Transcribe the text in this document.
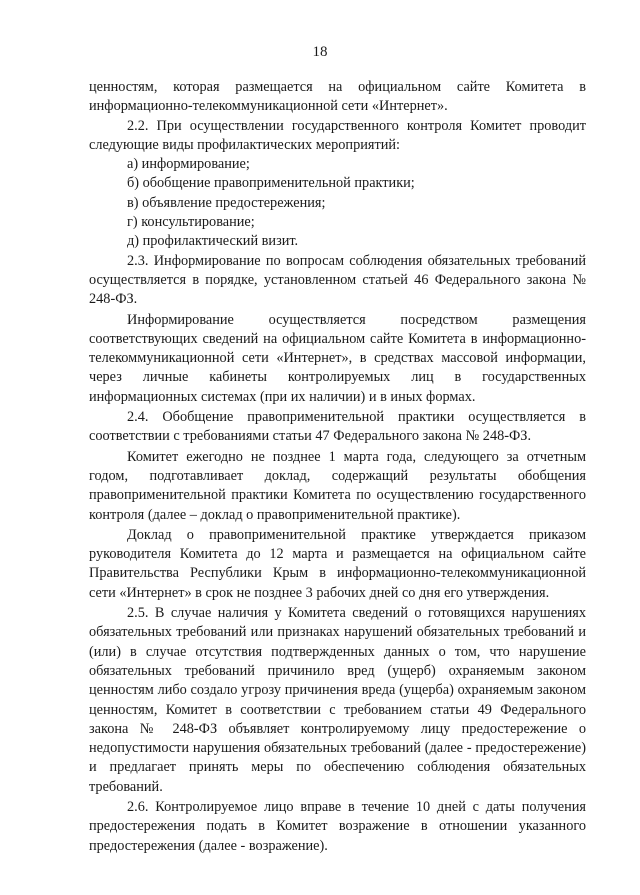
18

ценностям, которая размещается на официальном сайте Комитета в информационно-телекоммуникационной сети «Интернет».

2.2. При осуществлении государственного контроля Комитет проводит следующие виды профилактических мероприятий:

а) информирование;

б) обобщение правоприменительной практики;

в) объявление предостережения;

г) консультирование;

д) профилактический визит.

2.3. Информирование по вопросам соблюдения обязательных требований осуществляется в порядке, установленном статьей 46 Федерального закона № 248-ФЗ.

Информирование осуществляется посредством размещения соответствующих сведений на официальном сайте Комитета в информационно-телекоммуникационной сети «Интернет», в средствах массовой информации, через личные кабинеты контролируемых лиц в государственных информационных системах (при их наличии) и в иных формах.

2.4. Обобщение правоприменительной практики осуществляется в соответствии с требованиями статьи 47 Федерального закона № 248-ФЗ.

Комитет ежегодно не позднее 1 марта года, следующего за отчетным годом, подготавливает доклад, содержащий результаты обобщения правоприменительной практики Комитета по осуществлению государственного контроля (далее – доклад о правоприменительной практике).

Доклад о правоприменительной практике утверждается приказом руководителя Комитета до 12 марта и размещается на официальном сайте Правительства Республики Крым в информационно-телекоммуникационной сети «Интернет» в срок не позднее 3 рабочих дней со дня его утверждения.

2.5. В случае наличия у Комитета сведений о готовящихся нарушениях обязательных требований или признаках нарушений обязательных требований и (или) в случае отсутствия подтвержденных данных о том, что нарушение обязательных требований причинило вред (ущерб) охраняемым законом ценностям либо создало угрозу причинения вреда (ущерба) охраняемым законом ценностям, Комитет в соответствии с требованием статьи 49 Федерального закона № 248-ФЗ объявляет контролируемому лицу предостережение о недопустимости нарушения обязательных требований (далее - предостережение) и предлагает принять меры по обеспечению соблюдения обязательных требований.

2.6. Контролируемое лицо вправе в течение 10 дней с даты получения предостережения подать в Комитет возражение в отношении указанного предостережения (далее - возражение).
